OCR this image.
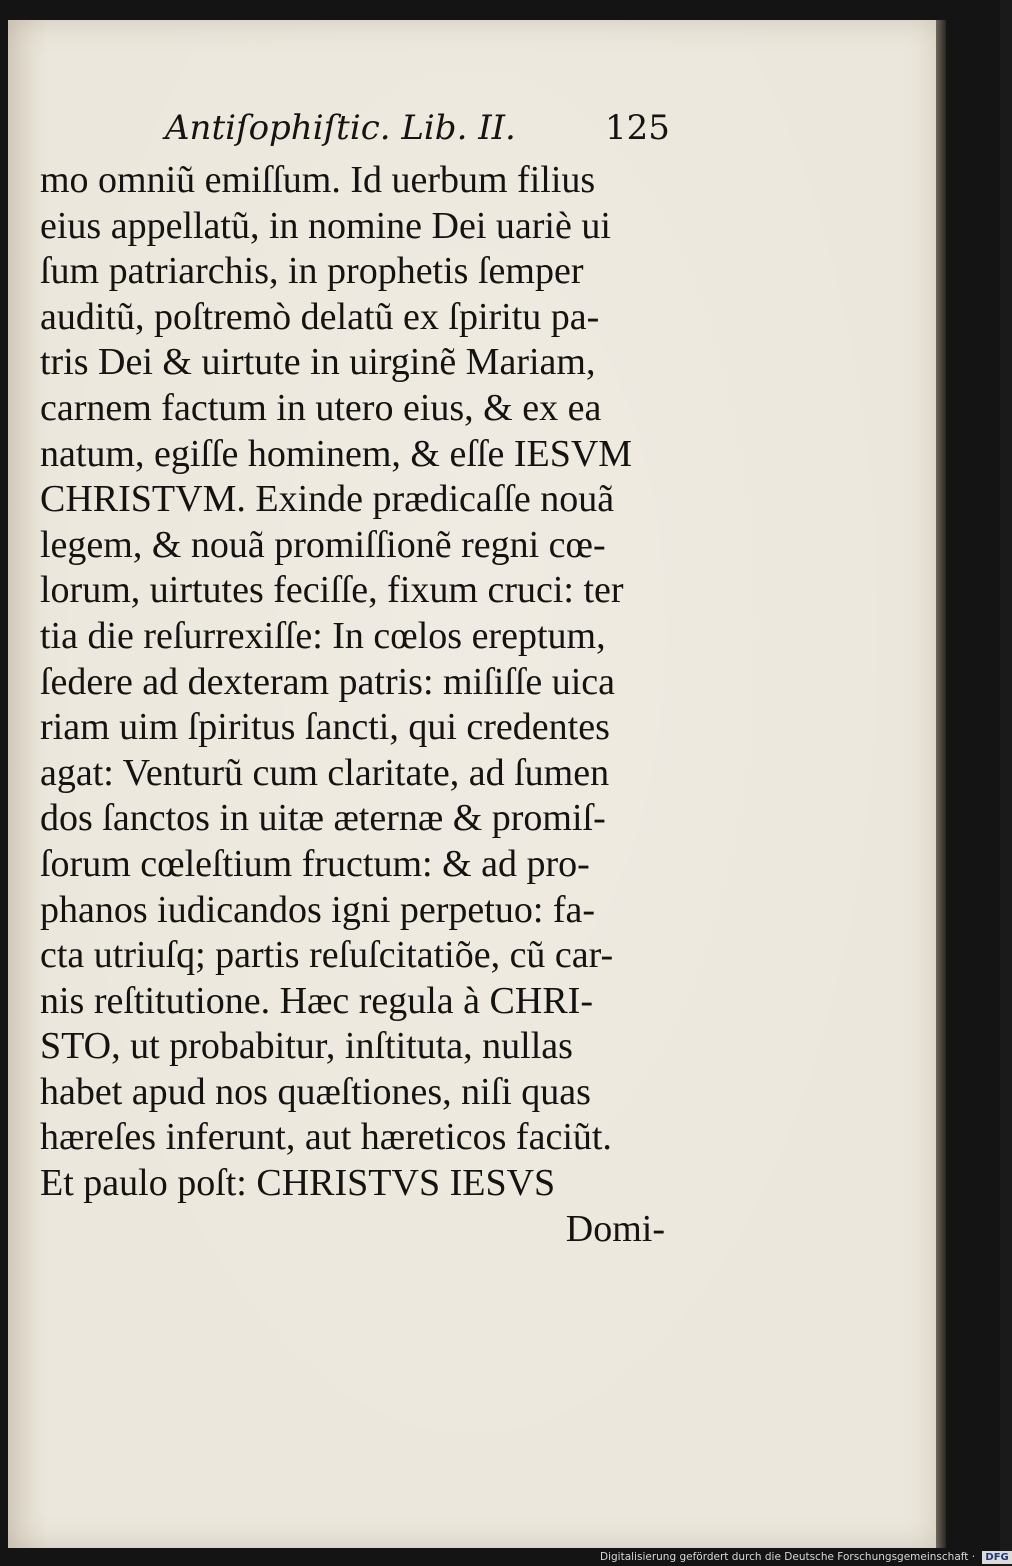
Antiſophiſtic. Lib. II.	125
mo omniũ emiſſum. Id uerbum filius
eius appellatũ, in nomine Dei uariè ui
ſum patriarchis, in prophetis ſemper
auditũ, poſtremò delatũ ex ſpiritu pa-
tris Dei & uirtute in uirginẽ Mariam,
carnem factum in utero eius, & ex ea
natum, egiſſe hominem, & eſſe IESVM
CHRISTVM. Exinde prædicaſſe nouã
legem, & nouã promiſſionẽ regni cœ-
lorum, uirtutes feciſſe, fixum cruci: ter
tia die reſurrexiſſe: In cœlos ereptum,
ſedere ad dexteram patris: miſiſſe uica
riam uim ſpiritus ſancti, qui credentes
agat: Venturũ cum claritate, ad ſumen
dos ſanctos in uitæ æternæ & promiſ-
ſorum cœleſtium fructum: & ad pro-
phanos iudicandos igni perpetuo: fa-
cta utriuſq; partis reſuſcitatiõe, cũ car-
nis reſtitutione. Hæc regula à CHRI-
STO, ut probabitur, inſtituta, nullas
habet apud nos quæſtiones, niſi quas
hæreſes inferunt, aut hæreticos faciũt.
Et paulo poſt: CHRISTVS IESVS
Domi-
Digitalisierung gefördert durch die Deutsche Forschungsgemeinschaft · DFG
